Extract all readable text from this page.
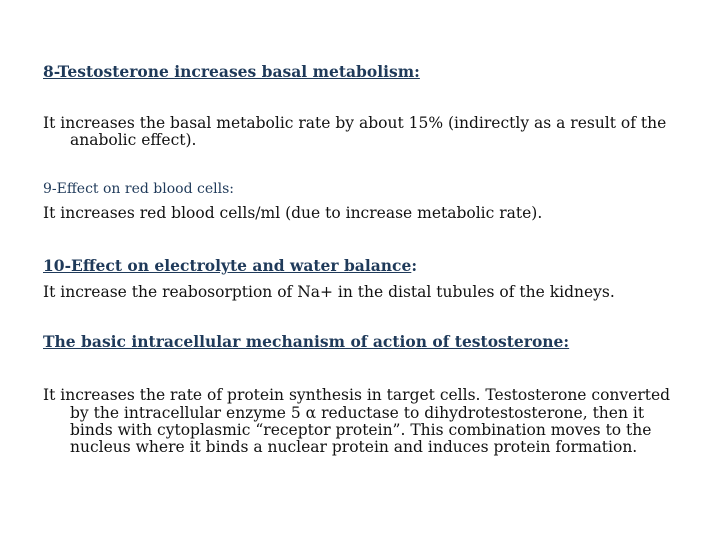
8-Testosterone increases basal metabolism:
It increases the basal metabolic rate by about 15% (indirectly as a result of the
anabolic effect).
9-Effect on red blood cells:
It increases red blood cells/ml (due to increase metabolic rate).
10-Effect on electrolyte and water balance:
It increase the reabosorption of Na+ in the distal tubules of the kidneys.
The basic intracellular mechanism of action of testosterone:
It increases the rate of protein synthesis in target cells. Testosterone converted
by the intracellular enzyme 5 α reductase to dihydrotestosterone, then it
binds with cytoplasmic “receptor protein”. This combination moves to the
nucleus where it binds a nuclear protein and induces protein formation.
